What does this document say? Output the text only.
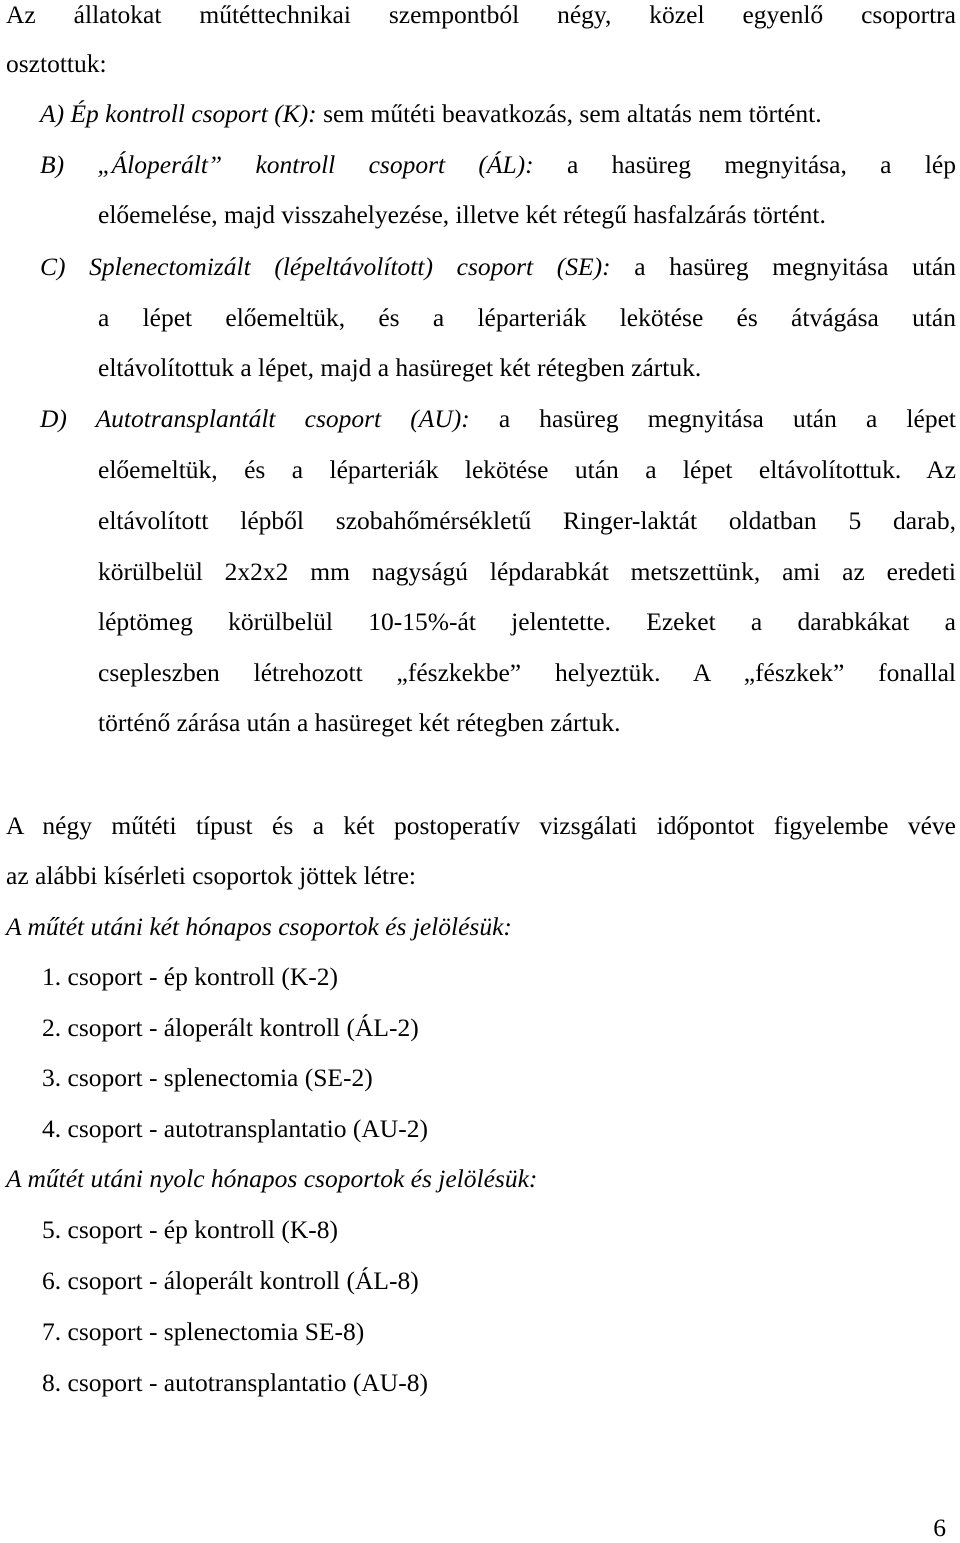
Az állatokat műtéttechnikai szempontból négy, közel egyenlő csoportra
osztottuk:
A) Ép kontroll csoport (K): sem műtéti beavatkozás, sem altatás nem történt.
B) „Áloperált” kontroll csoport (ÁL): a hasüreg megnyitása, a lép
előemelése, majd visszahelyezése, illetve két rétegű hasfalzárás történt.
C) Splenectomizált (lépeltávolított) csoport (SE): a hasüreg megnyitása után
a lépet előemeltük, és a léparteriák lekötése és átvágása után
eltávolítottuk a lépet, majd a hasüreget két rétegben zártuk.
D) Autotransplantált csoport (AU): a hasüreg megnyitása után a lépet
előemeltük, és a léparteriák lekötése után a lépet eltávolítottuk. Az
eltávolított lépből szobahőmérsékletű Ringer-laktát oldatban 5 darab,
körülbelül 2x2x2 mm nagyságú lépdarabkát metszettünk, ami az eredeti
léptömeg körülbelül 10-15%-át jelentette. Ezeket a darabkákat a
csepleszben létrehozott „fészkekbe” helyeztük. A „fészkek” fonallal
történő zárása után a hasüreget két rétegben zártuk.
A négy műtéti típust és a két postoperatív vizsgálati időpontot figyelembe véve
az alábbi kísérleti csoportok jöttek létre:
A műtét utáni két hónapos csoportok és jelölésük:
1. csoport - ép kontroll (K-2)
2. csoport - áloperált kontroll (ÁL-2)
3. csoport - splenectomia (SE-2)
4. csoport - autotransplantatio (AU-2)
A műtét utáni nyolc hónapos csoportok és jelölésük:
5. csoport - ép kontroll (K-8)
6. csoport - áloperált kontroll (ÁL-8)
7. csoport - splenectomia SE-8)
8. csoport - autotransplantatio (AU-8)
6
